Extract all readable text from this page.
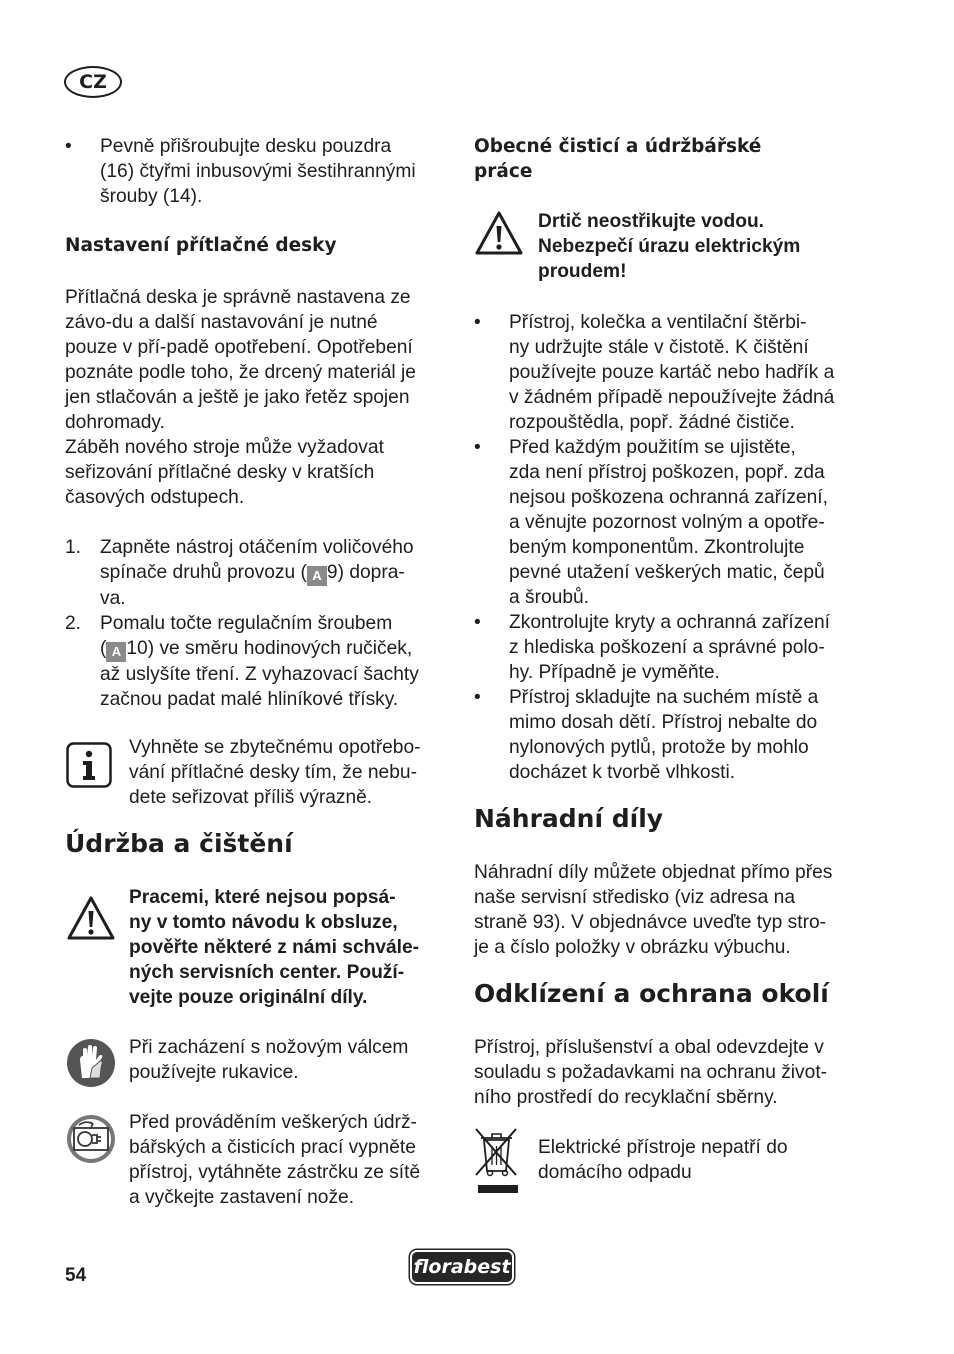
CZ
• Pevně přišroubujte desku pouzdra
(16) čtyřmi inbusovými šestihrannými
šrouby (14).
Nastavení přítlačné desky
Přítlačná deska je správně nastavena ze
závo-du a další nastavování je nutné
pouze v pří-padě opotřebení. Opotřebení
poznáte podle toho, že drcený materiál je
jen stlačován a ještě je jako řetěz spojen
dohromady.
Záběh nového stroje může vyžadovat
seřizování přítlačné desky v kratších
časových odstupech.
1. Zapněte nástroj otáčením voličového
spínače druhů provozu ( A 9) dopra-
va.
2. Pomalu točte regulačním šroubem
( A 10) ve směru hodinových ručiček,
až uslyšíte tření. Z vyhazovací šachty
začnou padat malé hliníkové třísky.
Vyhněte se zbytečnému opotřebo-
vání přítlačné desky tím, že nebu-
dete seřizovat příliš výrazně.
Údržba a čištění
Pracemi, které nejsou popsá-
ny v tomto návodu k obsluze,
pověřte některé z námi schvále-
ných servisních center. Použí-
vejte pouze originální díly.
Při zacházení s nožovým válcem
používejte rukavice.
Před prováděním veškerých údrž-
bářských a čisticích prací vypněte
přístroj, vytáhněte zástrčku ze sítě
a vyčkejte zastavení nože.
Obecné čisticí a údržbářské
práce
Drtič neostřikujte vodou.
Nebezpečí úrazu elektrickým
proudem!
• Přístroj, kolečka a ventilační štěrbi-
ny udržujte stále v čistotě. K čištění
používejte pouze kartáč nebo hadřík a
v žádném případě nepoužívejte žádná
rozpouštědla, popř. žádné čističe.
• Před každým použitím se ujistěte,
zda není přístroj poškozen, popř. zda
nejsou poškozena ochranná zařízení,
a věnujte pozornost volným a opotře-
beným komponentům. Zkontrolujte
pevné utažení veškerých matic, čepů
a šroubů.
• Zkontrolujte kryty a ochranná zařízení
z hlediska poškození a správné polo-
hy. Případně je vyměňte.
• Přístroj skladujte na suchém místě a
mimo dosah dětí. Přístroj nebalte do
nylonových pytlů, protože by mohlo
docházet k tvorbě vlhkosti.
Náhradní díly
Náhradní díly můžete objednat přímo přes
naše servisní středisko (viz adresa na
straně 93). V objednávce uveďte typ stro-
je a číslo položky v obrázku výbuchu.
Odklízení a ochrana okolí
Přístroj, příslušenství a obal odevzdejte v
souladu s požadavkami na ochranu život-
ního prostředí do recyklační sběrny.
Elektrické přístroje nepatří do
domácího odpadu
54	florabest
